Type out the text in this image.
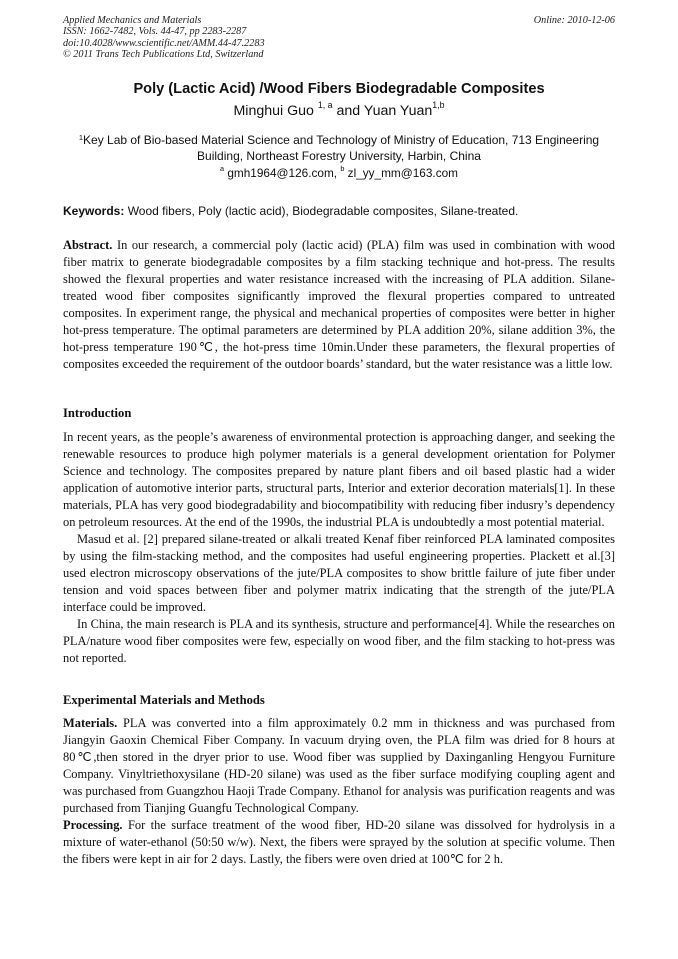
Applied Mechanics and Materials
ISSN: 1662-7482, Vols. 44-47, pp 2283-2287
doi:10.4028/www.scientific.net/AMM.44-47.2283
© 2011 Trans Tech Publications Ltd, Switzerland
Online: 2010-12-06
Poly (Lactic Acid) /Wood Fibers Biodegradable Composites
Minghui Guo $^{1, a}$ and Yuan Yuan$^{1,b}$
$^1$Key Lab of Bio-based Material Science and Technology of Ministry of Education, 713 Engineering
Building, Northeast Forestry University, Harbin, China
$^a$ gmh1964@126.com, $^b$ zl_yy_mm@163.com
Keywords: Wood fibers, Poly (lactic acid), Biodegradable composites, Silane-treated.
Abstract. In our research, a commercial poly (lactic acid) (PLA) film was used in combination with wood fiber matrix to generate biodegradable composites by a film stacking technique and hot-press. The results showed the flexural properties and water resistance increased with the increasing of PLA addition. Silane-treated wood fiber composites significantly improved the flexural properties compared to untreated composites. In experiment range, the physical and mechanical properties of composites were better in higher hot-press temperature. The optimal parameters are determined by PLA addition 20%, silane addition 3%, the hot-press temperature 190℃, the hot-press time 10min.Under these parameters, the flexural properties of composites exceeded the requirement of the outdoor boards’ standard, but the water resistance was a little low.
Introduction
In recent years, as the people’s awareness of environmental protection is approaching danger, and seeking the renewable resources to produce high polymer materials is a general development orientation for Polymer Science and technology. The composites prepared by nature plant fibers and oil based plastic had a wider application of automotive interior parts, structural parts, Interior and exterior decoration materials[1]. In these materials, PLA has very good biodegradability and biocompatibility with reducing fiber indusry’s dependency on petroleum resources. At the end of the 1990s, the industrial PLA is undoubtedly a most potential material.
Masud et al. [2] prepared silane-treated or alkali treated Kenaf fiber reinforced PLA laminated composites by using the film-stacking method, and the composites had useful engineering properties. Plackett et al.[3] used electron microscopy observations of the jute/PLA composites to show brittle failure of jute fiber under tension and void spaces between fiber and polymer matrix indicating that the strength of the jute/PLA interface could be improved.
In China, the main research is PLA and its synthesis, structure and performance[4]. While the researches on PLA/nature wood fiber composites were few, especially on wood fiber, and the film stacking to hot-press was not reported.
Experimental Materials and Methods
Materials. PLA was converted into a film approximately 0.2 mm in thickness and was purchased from Jiangyin Gaoxin Chemical Fiber Company. In vacuum drying oven, the PLA film was dried for 8 hours at 80℃,then stored in the dryer prior to use. Wood fiber was supplied by Daxinganling Hengyou Furniture Company. Vinyltriethoxysilane (HD-20 silane) was used as the fiber surface modifying coupling agent and was purchased from Guangzhou Haoji Trade Company. Ethanol for analysis was purification reagents and was purchased from Tianjing Guangfu Technological Company.
Processing. For the surface treatment of the wood fiber, HD-20 silane was dissolved for hydrolysis in a mixture of water-ethanol (50:50 w/w). Next, the fibers were sprayed by the solution at specific volume. Then the fibers were kept in air for 2 days. Lastly, the fibers were oven dried at 100℃ for 2 h.
